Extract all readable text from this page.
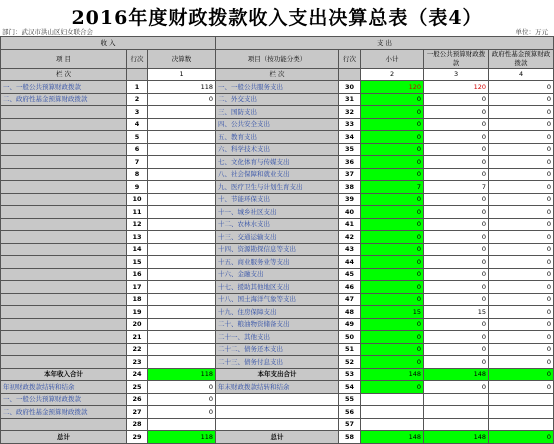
2016年度财政拨款收入支出决算总表（表4）
部门：武汉市洪山区妇女联合会	单位：万元
收 入			支 出				
项 目	行次	决算数	项目（按功能分类）	行次	小计	一般公共预算财政拨款	政府性基金预算财政拨款
栏 次		1	栏 次		2	3	4
一、一般公共预算财政拨款	1	118	一、一般公共服务支出	30	120	120	0
二、政府性基金预算财政拨款	2	0	二、外交支出	31	0	0	0
	3		三、国防支出	32	0	0	0
	4		四、公共安全支出	33	0	0	0
	5		五、教育支出	34	0	0	0
	6		六、科学技术支出	35	0	0	0
	7		七、文化体育与传媒支出	36	0	0	0
	8		八、社会保障和就业支出	37	0	0	0
	9		九、医疗卫生与计划生育支出	38	7	7	0
	10		十、节能环保支出	39	0	0	0
	11		十一、城乡社区支出	40	0	0	0
	12		十二、农林水支出	41	0	0	0
	13		十三、交通运输支出	42	0	0	0
	14		十四、资源勘探信息等支出	43	0	0	0
	15		十五、商业服务业等支出	44	0	0	0
	16		十六、金融支出	45	0	0	0
	17		十七、援助其他地区支出	46	0	0	0
	18		十八、国土海洋气象等支出	47	0	0	0
	19		十九、住房保障支出	48	15	15	0
	20		二十、粮油物资储备支出	49	0	0	0
	21		二十一、其他支出	50	0	0	0
	22		二十二、债务还本支出	51	0	0	0
	23		二十三、债务付息支出	52	0	0	0
本年收入合计	24	118	本年支出合计	53	148	148	0
年初财政拨款结转和结余	25	0	年末财政拨款结转和结余	54	0	0	0
一、一般公共预算财政拨款	26	0		55			
二、政府性基金预算财政拨款	27	0		56			
	28			57			
总计	29	118	总计	58	148	148	0
